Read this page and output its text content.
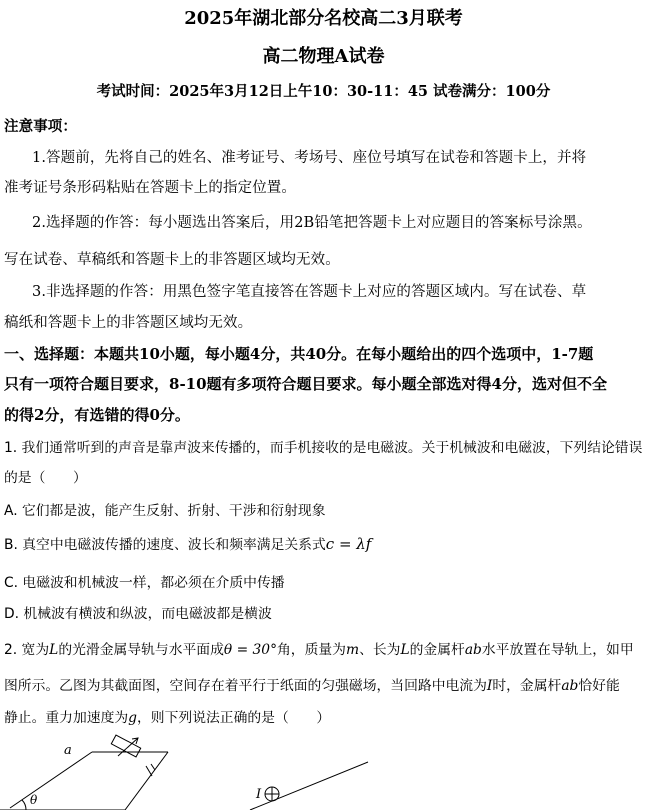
2025年湖北部分名校高二3月联考
高二物理A试卷
考试时间：2025年3月12日上午10：30-11：45 试卷满分：100分
注意事项：
1.答题前，先将自己的姓名、准考证号、考场号、座位号填写在试卷和答题卡上，并将
准考证号条形码粘贴在答题卡上的指定位置。
2.选择题的作答：每小题选出答案后，用2B铅笔把答题卡上对应题目的答案标号涂黑。
写在试卷、草稿纸和答题卡上的非答题区域均无效。
3.非选择题的作答：用黑色签字笔直接答在答题卡上对应的答题区域内。写在试卷、草
稿纸和答题卡上的非答题区域均无效。
一、选择题：本题共10小题，每小题4分，共40分。在每小题给出的四个选项中，1-7题
只有一项符合题目要求，8-10题有多项符合题目要求。每小题全部选对得4分，选对但不全
的得2分，有选错的得0分。
1. 我们通常听到的声音是靠声波来传播的，而手机接收的是电磁波。关于机械波和电磁波，下列结论错误
的是（　　）
A. 它们都是波，能产生反射、折射、干涉和衍射现象
B. 真空中电磁波传播的速度、波长和频率满足关系式c = λf
C. 电磁波和机械波一样，都必须在介质中传播
D. 机械波有横波和纵波，而电磁波都是横波
2. 宽为L的光滑金属导轨与水平面成θ = 30°角，质量为m、长为L的金属杆ab水平放置在导轨上，如甲
图所示。乙图为其截面图，空间存在着平行于纸面的匀强磁场，当回路中电流为I时，金属杆ab恰好能
静止。重力加速度为g，则下列说法正确的是（　　）
a
θ	I
